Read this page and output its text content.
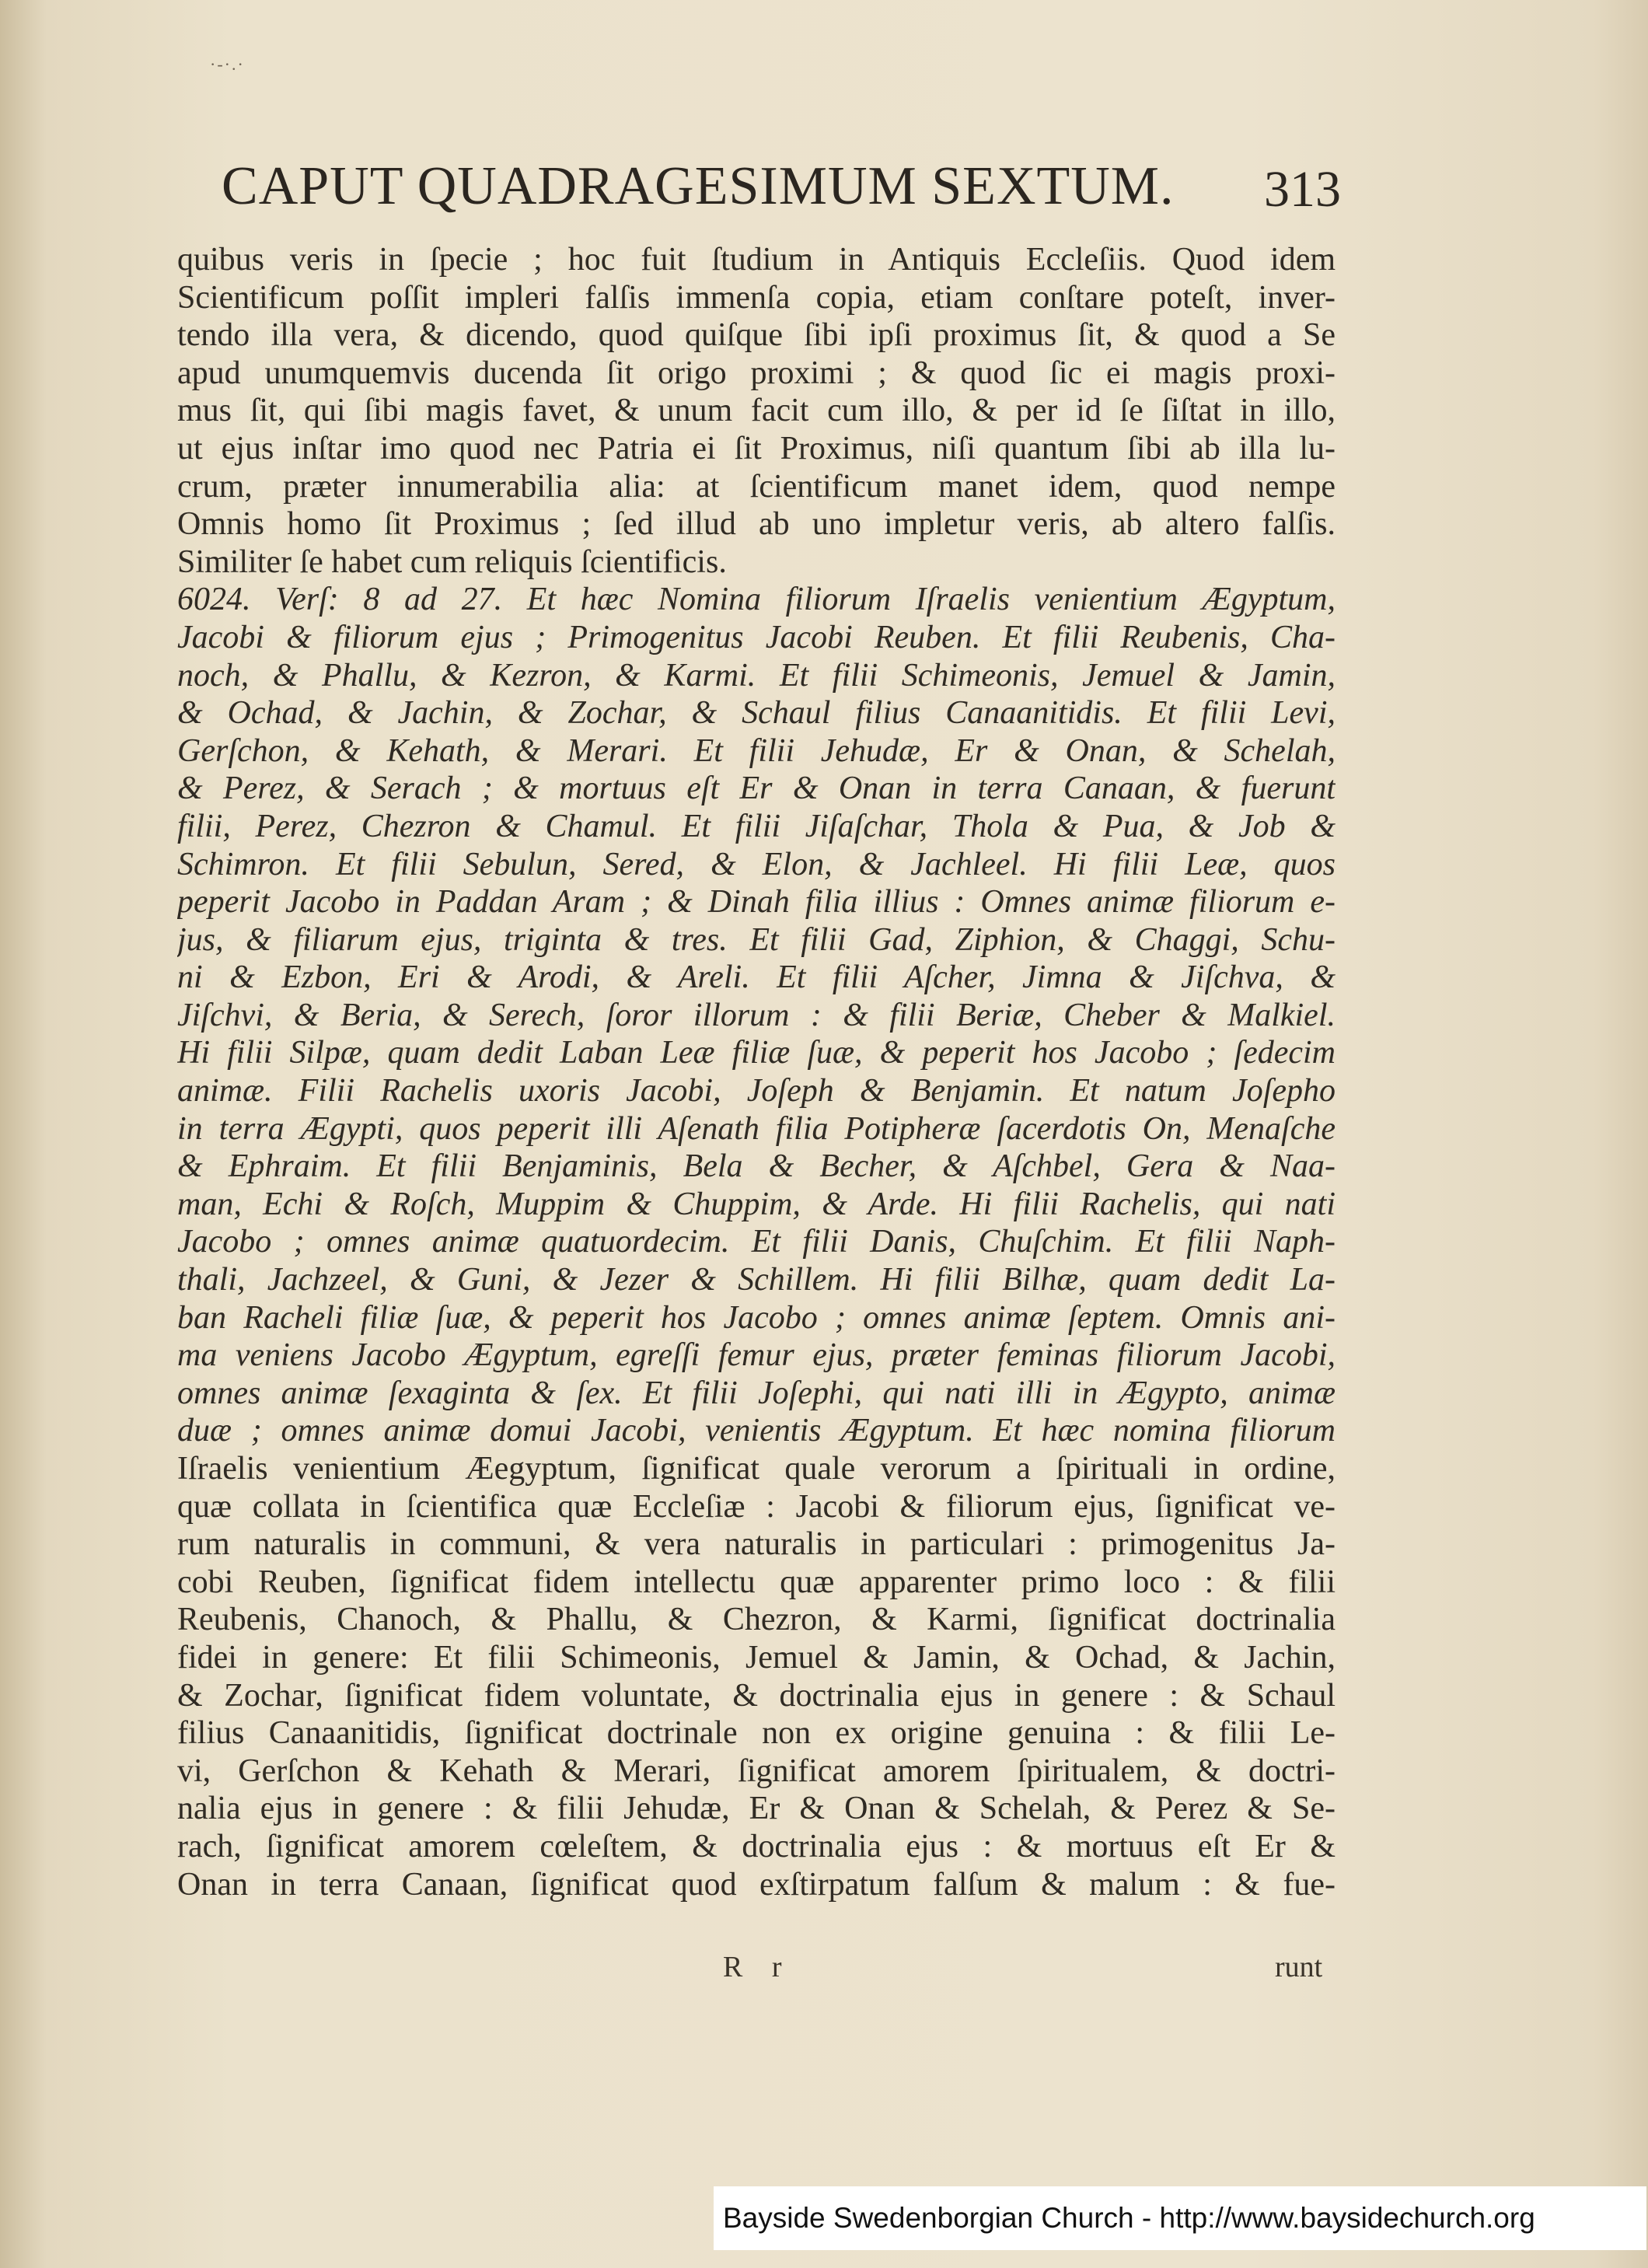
·-·.·
CAPUT QUADRAGESIMUM SEXTUM. 313
quibus veris in ſpecie ; hoc fuit ſtudium in Antiquis Eccleſiis. Quod idem
Scientificum poſſit impleri falſis immenſa copia, etiam conſtare poteſt, inver-
tendo illa vera, & dicendo, quod quiſque ſibi ipſi proximus ſit, & quod a Se
apud unumquemvis ducenda ſit origo proximi ; & quod ſic ei magis proxi-
mus ſit, qui ſibi magis favet, & unum facit cum illo, & per id ſe ſiſtat in illo,
ut ejus inſtar imo quod nec Patria ei ſit Proximus, niſi quantum ſibi ab illa lu-
crum, præter innumerabilia alia: at ſcientificum manet idem, quod nempe
Omnis homo ſit Proximus ; ſed illud ab uno impletur veris, ab altero falſis.
Similiter ſe habet cum reliquis ſcientificis.
6024. Verſ: 8 ad 27. Et hæc Nomina filiorum Iſraelis venientium Ægyptum,
Jacobi & filiorum ejus ; Primogenitus Jacobi Reuben. Et filii Reubenis, Cha-
noch, & Phallu, & Kezron, & Karmi. Et filii Schimeonis, Jemuel & Jamin,
& Ochad, & Jachin, & Zochar, & Schaul filius Canaanitidis. Et filii Levi,
Gerſchon, & Kehath, & Merari. Et filii Jehudæ, Er & Onan, & Schelah,
& Perez, & Serach ; & mortuus eſt Er & Onan in terra Canaan, & fuerunt
filii, Perez, Chezron & Chamul. Et filii Jiſaſchar, Thola & Pua, & Job &
Schimron. Et filii Sebulun, Sered, & Elon, & Jachleel. Hi filii Leæ, quos
peperit Jacobo in Paddan Aram ; & Dinah filia illius : Omnes animæ filiorum e-
jus, & filiarum ejus, triginta & tres. Et filii Gad, Ziphion, & Chaggi, Schu-
ni & Ezbon, Eri & Arodi, & Areli. Et filii Aſcher, Jimna & Jiſchva, &
Jiſchvi, & Beria, & Serech, ſoror illorum : & filii Beriæ, Cheber & Malkiel.
Hi filii Silpæ, quam dedit Laban Leæ filiæ ſuæ, & peperit hos Jacobo ; ſedecim
animæ. Filii Rachelis uxoris Jacobi, Joſeph & Benjamin. Et natum Joſepho
in terra Ægypti, quos peperit illi Aſenath filia Potipheræ ſacerdotis On, Menaſche
& Ephraim. Et filii Benjaminis, Bela & Becher, & Aſchbel, Gera & Naa-
man, Echi & Roſch, Muppim & Chuppim, & Arde. Hi filii Rachelis, qui nati
Jacobo ; omnes animæ quatuordecim. Et filii Danis, Chuſchim. Et filii Naph-
thali, Jachzeel, & Guni, & Jezer & Schillem. Hi filii Bilhæ, quam dedit La-
ban Racheli filiæ ſuæ, & peperit hos Jacobo ; omnes animæ ſeptem. Omnis ani-
ma veniens Jacobo Ægyptum, egreſſi femur ejus, præter feminas filiorum Jacobi,
omnes animæ ſexaginta & ſex. Et filii Joſephi, qui nati illi in Ægypto, animæ
duæ ; omnes animæ domui Jacobi, venientis Ægyptum. Et hæc nomina filiorum
Iſraelis venientium Æegyptum, ſignificat quale verorum a ſpirituali in ordine,
quæ collata in ſcientifica quæ Eccleſiæ : Jacobi & filiorum ejus, ſignificat ve-
rum naturalis in communi, & vera naturalis in particulari : primogenitus Ja-
cobi Reuben, ſignificat fidem intellectu quæ apparenter primo loco : & filii
Reubenis, Chanoch, & Phallu, & Chezron, & Karmi, ſignificat doctrinalia
fidei in genere: Et filii Schimeonis, Jemuel & Jamin, & Ochad, & Jachin,
& Zochar, ſignificat fidem voluntate, & doctrinalia ejus in genere : & Schaul
filius Canaanitidis, ſignificat doctrinale non ex origine genuina : & filii Le-
vi, Gerſchon & Kehath & Merari, ſignificat amorem ſpiritualem, & doctri-
nalia ejus in genere : & filii Jehudæ, Er & Onan & Schelah, & Perez & Se-
rach, ſignificat amorem cœleſtem, & doctrinalia ejus : & mortuus eſt Er &
Onan in terra Canaan, ſignificat quod exſtirpatum falſum & malum : & fue-
R r	runt
Bayside Swedenborgian Church - http://www.baysidechurch.org
